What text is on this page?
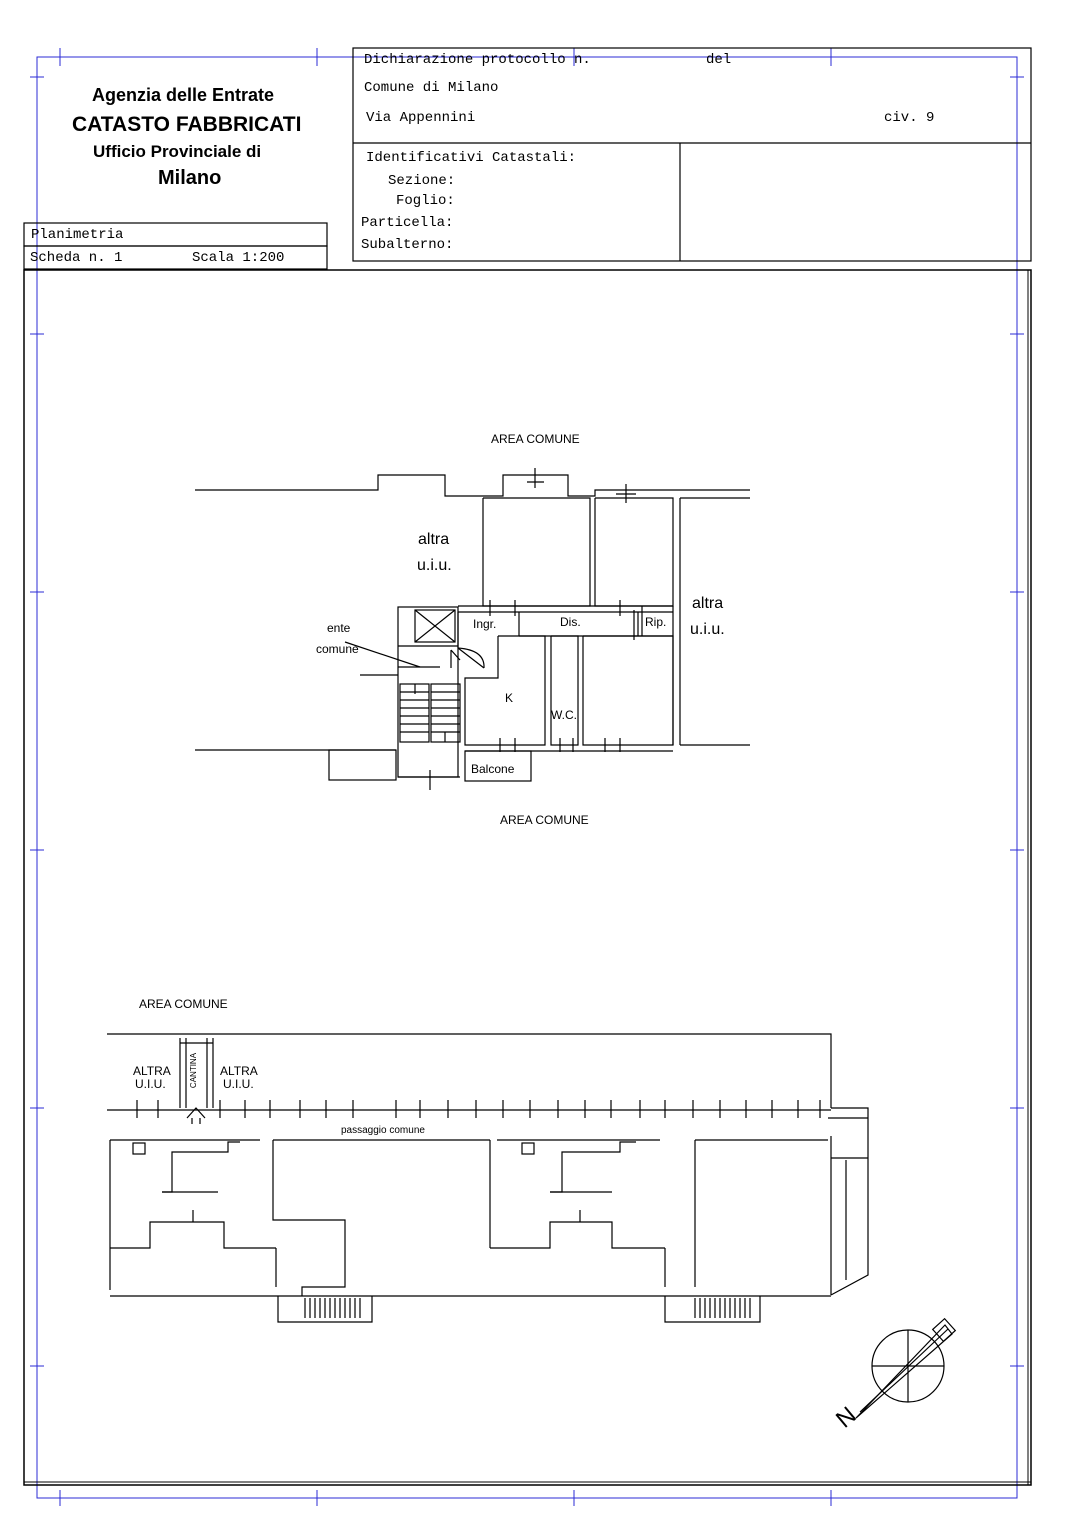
Agenzia delle Entrate
CATASTO FABBRICATI
Ufficio Provinciale di
Milano
Planimetria
Scheda n. 1	Scala 1:200
Dichiarazione protocollo n.	del
Comune di Milano
Via Appennini	civ. 9
Identificativi Catastali:
Sezione:
Foglio:
Particella:
Subalterno:
AREA COMUNE
AREA COMUNE
altra
u.i.u.
altra
u.i.u.
ente
comune
Ingr.	Dis.	Rip.
K
W.C.
Balcone
AREA COMUNE
ALTRA
U.I.U.	CANTINA ALTRA
U.I.U.
passaggio comune
N
